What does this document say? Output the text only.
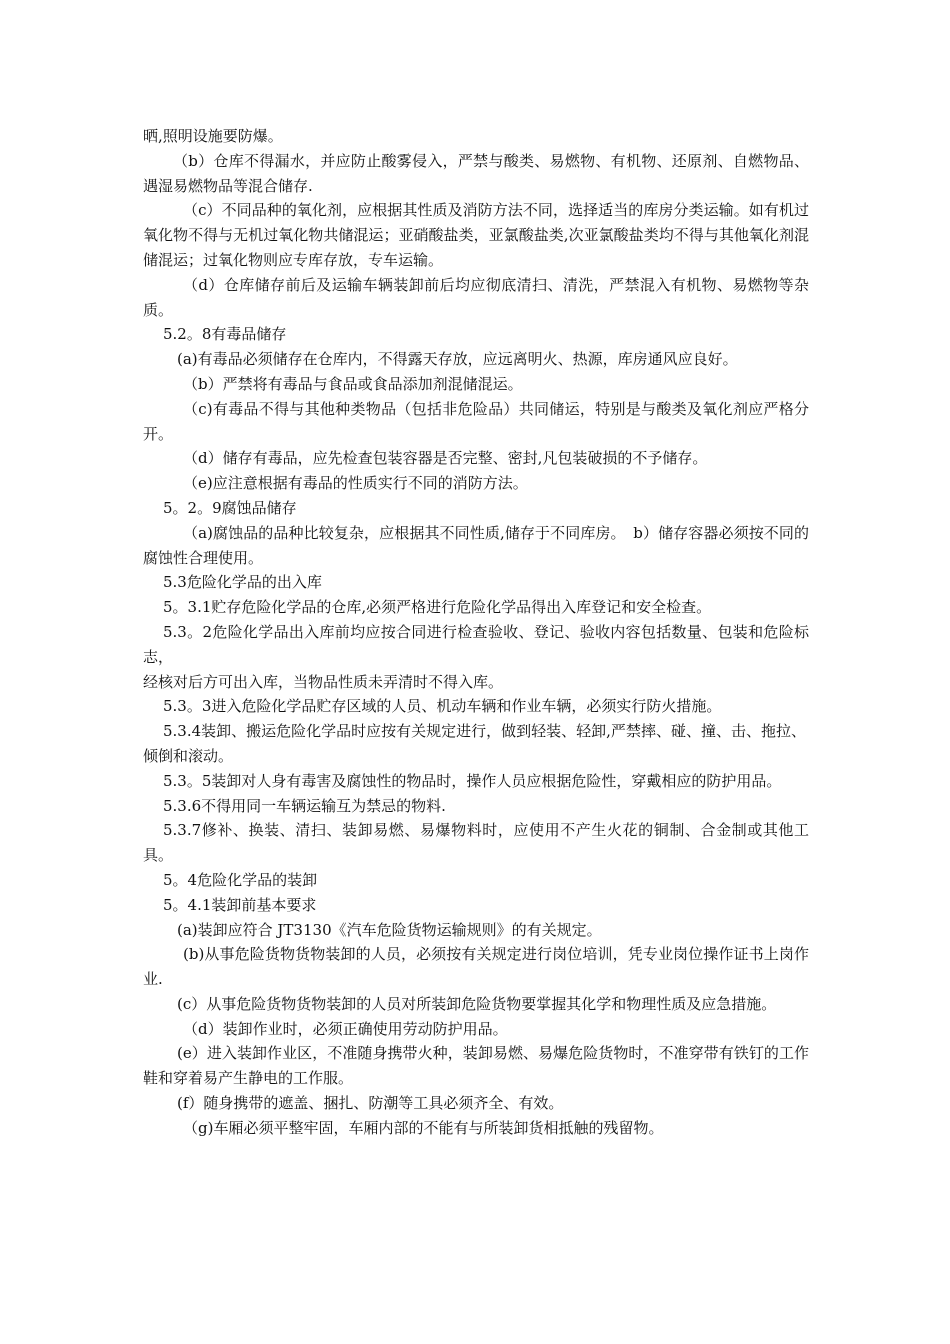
晒,照明设施要防爆。

（b）仓库不得漏水，并应防止酸雾侵入，严禁与酸类、易燃物、有机物、还原剂、自燃物品、遇湿易燃物品等混合储存.

（c）不同品种的氧化剂，应根据其性质及消防方法不同，选择适当的库房分类运输。如有机过氧化物不得与无机过氧化物共储混运；亚硝酸盐类，亚氯酸盐类,次亚氯酸盐类均不得与其他氧化剂混储混运；过氧化物则应专库存放，专车运输。

（d）仓库储存前后及运输车辆装卸前后均应彻底清扫、清洗，严禁混入有机物、易燃物等杂质。

5.2。8有毒品储存

(a)有毒品必须储存在仓库内，不得露天存放，应远离明火、热源，库房通风应良好。

（b）严禁将有毒品与食品或食品添加剂混储混运。

（c)有毒品不得与其他种类物品（包括非危险品）共同储运，特别是与酸类及氧化剂应严格分开。

（d）储存有毒品，应先检查包装容器是否完整、密封,凡包装破损的不予储存。

（e)应注意根据有毒品的性质实行不同的消防方法。

5。2。9腐蚀品储存

（a)腐蚀品的品种比较复杂，应根据其不同性质,储存于不同库房。　b）储存容器必须按不同的腐蚀性合理使用。

5.3危险化学品的出入库

5。3.1贮存危险化学品的仓库,必须严格进行危险化学品得出入库登记和安全检查。

5.3。2危险化学品出入库前均应按合同进行检查验收、登记、验收内容包括数量、包装和危险标志，

经核对后方可出入库，当物品性质未弄清时不得入库。

5.3。3进入危险化学品贮存区域的人员、机动车辆和作业车辆，必须实行防火措施。

5.3.4装卸、搬运危险化学品时应按有关规定进行，做到轻装、轻卸,严禁摔、碰、撞、击、拖拉、

倾倒和滚动。

5.3。5装卸对人身有毒害及腐蚀性的物品时，操作人员应根据危险性，穿戴相应的防护用品。

5.3.6不得用同一车辆运输互为禁忌的物料.

5.3.7修补、换装、清扫、装卸易燃、易爆物料时，应使用不产生火花的铜制、合金制或其他工具。

5。4危险化学品的装卸

5。4.1装卸前基本要求

(a)装卸应符合 JT3130《汽车危险货物运输规则》的有关规定。

(b)从事危险货物货物装卸的人员，必须按有关规定进行岗位培训，凭专业岗位操作证书上岗作业.

(c）从事危险货物货物装卸的人员对所装卸危险货物要掌握其化学和物理性质及应急措施。

（d）装卸作业时，必须正确使用劳动防护用品。

(e）进入装卸作业区，不准随身携带火种，装卸易燃、易爆危险货物时，不准穿带有铁钉的工作鞋和穿着易产生静电的工作服。

(f）随身携带的遮盖、捆扎、防潮等工具必须齐全、有效。

（g)车厢必须平整牢固，车厢内部的不能有与所装卸货相抵触的残留物。
